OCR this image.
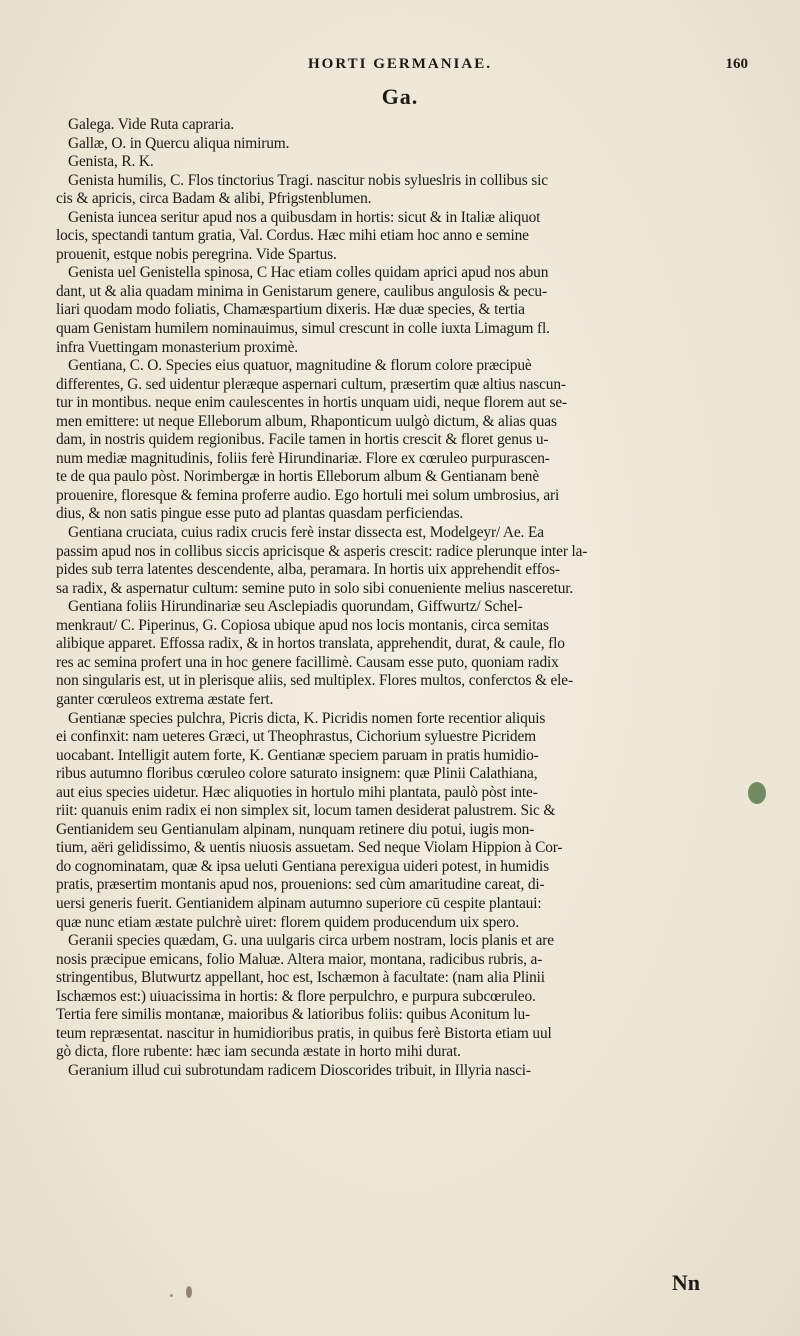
HORTI GERMANIAE.	160
Ga.
Galega. Vide Ruta capraria.
Gallæ, O. in Quercu aliqua nimirum.
Genista, R. K.
Genista humilis, C. Flos tinctorius Tragi. nascitur nobis sylueslris in collibus sic
cis & apricis, circa Badam & alibi, Pfrigstenblumen.
Genista iuncea seritur apud nos a quibusdam in hortis: sicut & in Italiæ aliquot
locis, spectandi tantum gratia, Val. Cordus. Hæc mihi etiam hoc anno e semine
prouenit, estque nobis peregrina. Vide Spartus.
Genista uel Genistella spinosa, C Hac etiam colles quidam aprici apud nos abun
dant, ut & alia quadam minima in Genistarum genere, caulibus angulosis & pecu-
liari quodam modo foliatis, Chamæspartium dixeris. Hæ duæ species, & tertia
quam Genistam humilem nominauimus, simul crescunt in colle iuxta Limagum fl.
infra Vuettingam monasterium proximè.
Gentiana, C. O. Species eius quatuor, magnitudine & florum colore præcipuè
differentes, G. sed uidentur pleræque aspernari cultum, præsertim quæ altius nascun-
tur in montibus. neque enim caulescentes in hortis unquam uidi, neque florem aut se-
men emittere: ut neque Elleborum album, Rhaponticum uulgò dictum, & alias quas
dam, in nostris quidem regionibus. Facile tamen in hortis crescit & floret genus u-
num mediæ magnitudinis, foliis ferè Hirundinariæ. Flore ex cœruleo purpurascen-
te de qua paulo pòst. Norimbergæ in hortis Elleborum album & Gentianam benè
prouenire, floresque & femina proferre audio. Ego hortuli mei solum umbrosius, ari
dius, & non satis pingue esse puto ad plantas quasdam perficiendas.
Gentiana cruciata, cuius radix crucis ferè instar dissecta est, Modelgeyr/ Ae. Ea
passim apud nos in collibus siccis apricisque & asperis crescit: radice plerunque inter la-
pides sub terra latentes descendente, alba, peramara. In hortis uix apprehendit effos-
sa radix, & aspernatur cultum: semine puto in solo sibi conueniente melius nasceretur.
Gentiana foliis Hirundinariæ seu Asclepiadis quorundam, Giffwurtz/ Schel-
menkraut/ C. Piperinus, G. Copiosa ubique apud nos locis montanis, circa semitas
alibique apparet. Effossa radix, & in hortos translata, apprehendit, durat, & caule, flo
res ac semina profert una in hoc genere facillimè. Causam esse puto, quoniam radix
non singularis est, ut in plerisque aliis, sed multiplex. Flores multos, conferctos & ele-
ganter cœruleos extrema æstate fert.
Gentianæ species pulchra, Picris dicta, K. Picridis nomen forte recentior aliquis
ei confinxit: nam ueteres Græci, ut Theophrastus, Cichorium syluestre Picridem
uocabant. Intelligit autem forte, K. Gentianæ speciem paruam in pratis humidio-
ribus autumno floribus cœruleo colore saturato insignem: quæ Plinii Calathiana,
aut eius species uidetur. Hæc aliquoties in hortulo mihi plantata, paulò pòst inte-
riit: quanuis enim radix ei non simplex sit, locum tamen desiderat palustrem. Sic &
Gentianidem seu Gentianulam alpinam, nunquam retinere diu potui, iugis mon-
tium, aëri gelidissimo, & uentis niuosis assuetam. Sed neque Violam Hippion à Cor-
do cognominatam, quæ & ipsa ueluti Gentiana perexigua uideri potest, in humidis
pratis, præsertim montanis apud nos, prouenions: sed cùm amaritudine careat, di-
uersi generis fuerit. Gentianidem alpinam autumno superiore cū cespite plantaui:
quæ nunc etiam æstate pulchrè uiret: florem quidem producendum uix spero.
Geranii species quædam, G. una uulgaris circa urbem nostram, locis planis et are
nosis præcipue emicans, folio Maluæ. Altera maior, montana, radicibus rubris, a-
stringentibus, Blutwurtz appellant, hoc est, Ischæmon à facultate: (nam alia Plinii
Ischæmos est:) uiuacissima in hortis: & flore perpulchro, e purpura subcœruleo.
Tertia fere similis montanæ, maioribus & latioribus foliis: quibus Aconitum lu-
teum repræsentat. nascitur in humidioribus pratis, in quibus ferè Bistorta etiam uul
gò dicta, flore rubente: hæc iam secunda æstate in horto mihi durat.
Geranium illud cui subrotundam radicem Dioscorides tribuit, in Illyria nasci-
Nn
